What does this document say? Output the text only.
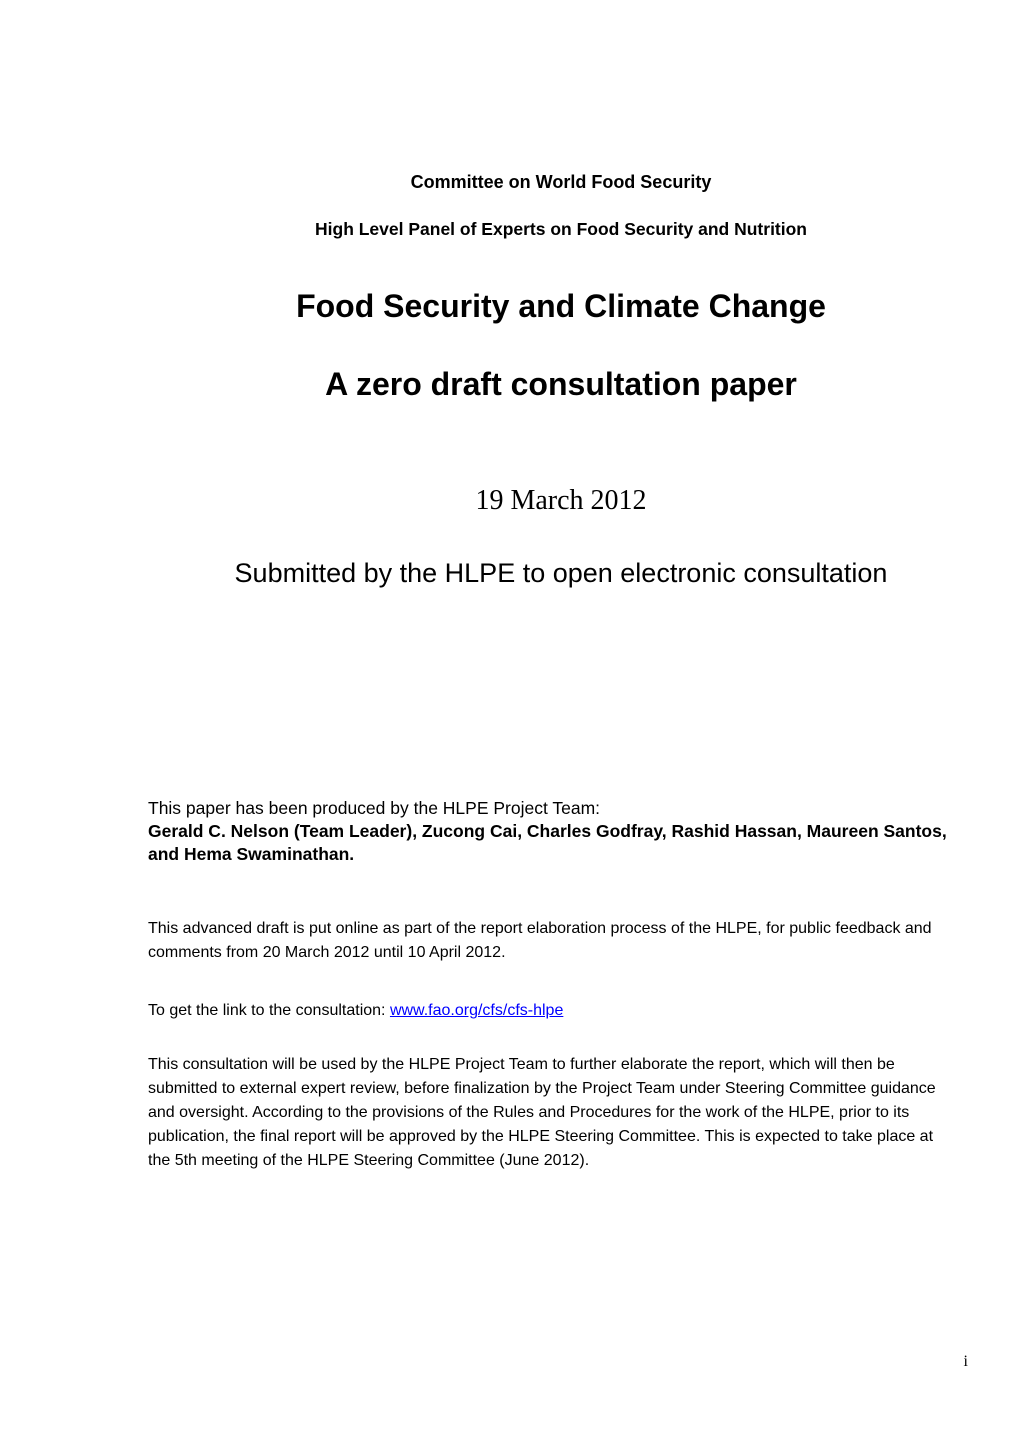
Committee on World Food Security
High Level Panel of Experts on Food Security and Nutrition
Food Security and Climate Change
A zero draft consultation paper
19 March 2012
Submitted by the HLPE to open electronic consultation
This paper has been produced by the HLPE Project Team:
Gerald C. Nelson (Team Leader), Zucong Cai, Charles Godfray, Rashid Hassan, Maureen Santos, and Hema Swaminathan.
This advanced draft is put online as part of the report elaboration process of the HLPE, for public feedback and comments from 20 March 2012 until 10 April 2012.
To get the link to the consultation: www.fao.org/cfs/cfs-hlpe
This consultation will be used by the HLPE Project Team to further elaborate the report, which will then be submitted to external expert review, before finalization by the Project Team under Steering Committee guidance and oversight. According to the provisions of the Rules and Procedures for the work of the HLPE, prior to its publication, the final report will be approved by the HLPE Steering Committee. This is expected to take place at the 5th meeting of the HLPE Steering Committee (June 2012).
i
